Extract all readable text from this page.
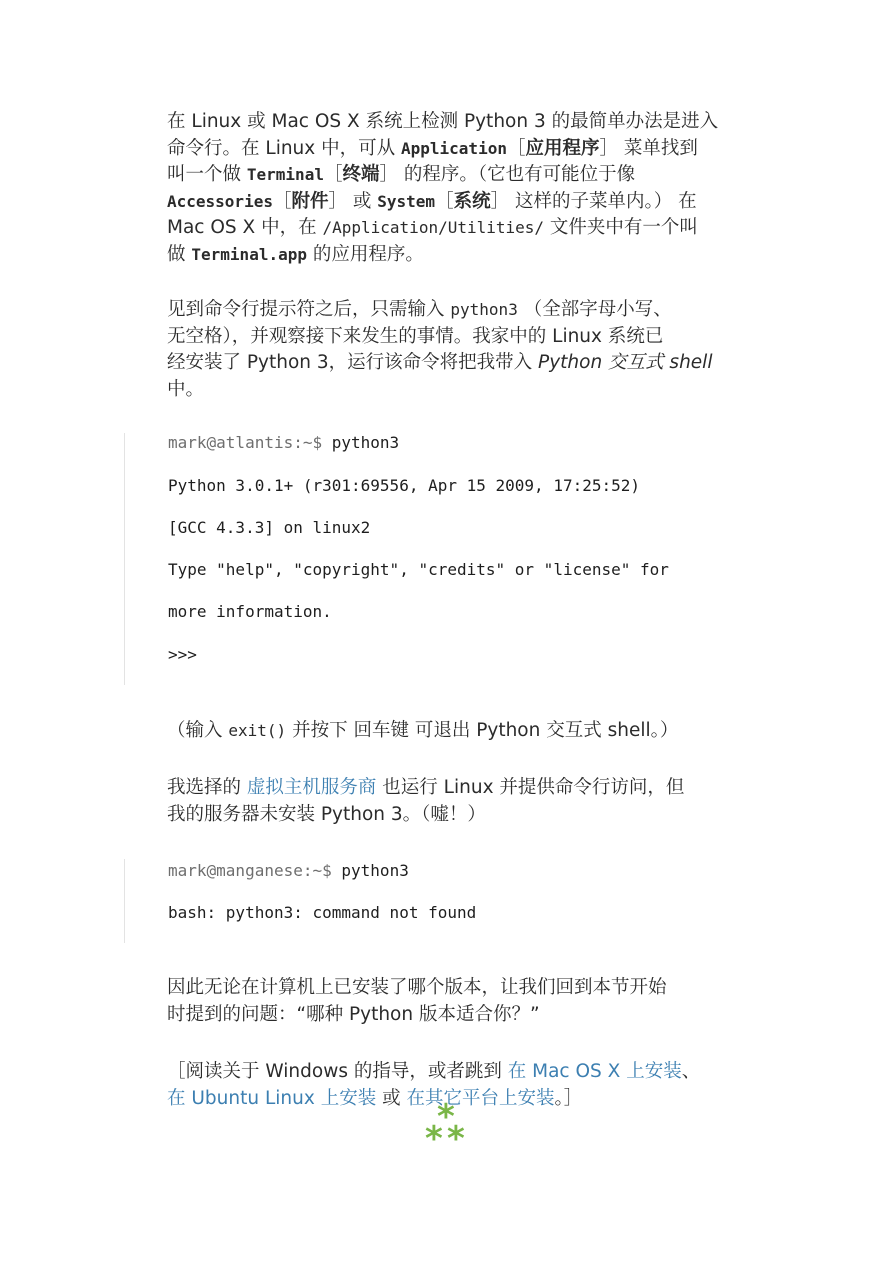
在 Linux 或 Mac OS X 系统上检测 Python 3 的最简单办法是进入
命令行。在 Linux 中，可从 Application［应用程序］ 菜单找到
叫一个做 Terminal［终端］ 的程序。（它也有可能位于像
Accessories［附件］ 或 System［系统］ 这样的子菜单内。） 在
Mac OS X 中，在 /Application/Utilities/ 文件夹中有一个叫
做 Terminal.app 的应用程序。
见到命令行提示符之后，只需输入 python3 （全部字母小写、
无空格），并观察接下来发生的事情。我家中的 Linux 系统已
经安装了 Python 3，运行该命令将把我带入 Python 交互式 shell
中。
mark@atlantis:~$ python3
Python 3.0.1+ (r301:69556, Apr 15 2009, 17:25:52)
[GCC 4.3.3] on linux2
Type "help", "copyright", "credits" or "license" for
more information.
>>>
（输入 exit() 并按下 回车键 可退出 Python 交互式 shell。）
我选择的 虚拟主机服务商 也运行 Linux 并提供命令行访问，但
我的服务器未安装 Python 3。（嘘！）
mark@manganese:~$ python3
bash: python3: command not found
因此无论在计算机上已安装了哪个版本，让我们回到本节开始
时提到的问题：“哪种 Python 版本适合你？”
［阅读关于 Windows 的指导，或者跳到 在 Mac OS X 上安装、
在 Ubuntu Linux 上安装 或 在其它平台上安装。］
*
* *
